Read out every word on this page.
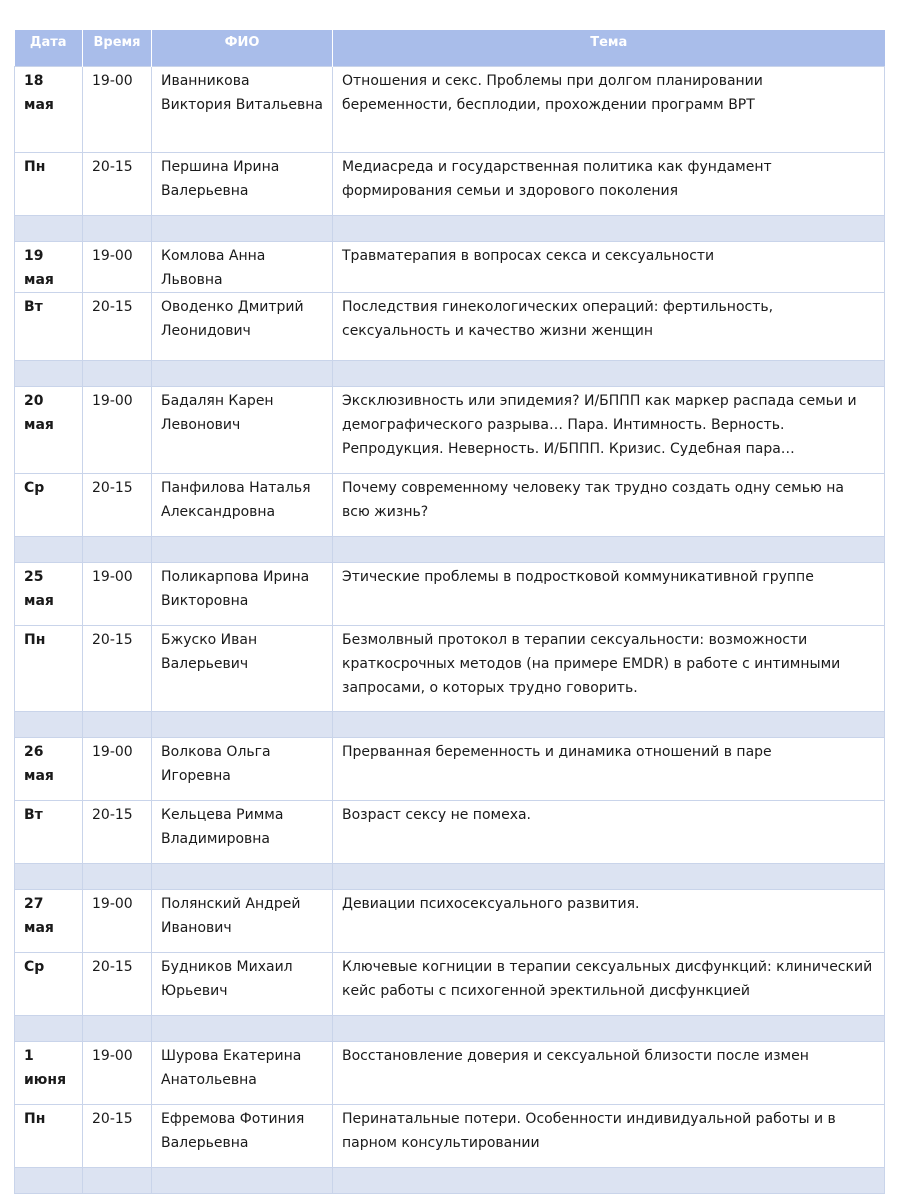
Дата	Время	ФИО	Тема
18 мая	19-00	Иванникова Виктория Витальевна	Отношения и секс. Проблемы при долгом планировании беременности, бесплодии, прохождении программ ВРТ
Пн	20-15	Першина Ирина Валерьевна	Медиасреда и государственная политика как фундамент формирования семьи и здорового поколения

19 мая	19-00	Комлова Анна Львовна	Травматерапия в вопросах секса и сексуальности
Вт	20-15	Оводенко Дмитрий Леонидович	Последствия гинекологических операций: фертильность, сексуальность и качество жизни женщин

20 мая	19-00	Бадалян Карен Левонович	Эксклюзивность или эпидемия? И/БППП как маркер распада семьи и демографического разрыва… Пара. Интимность. Верность. Репродукция. Неверность. И/БППП. Кризис. Судебная пара…
Ср	20-15	Панфилова Наталья Александровна	Почему современному человеку так трудно создать одну семью на всю жизнь?

25 мая	19-00	Поликарпова Ирина Викторовна	Этические проблемы в подростковой коммуникативной группе
Пн	20-15	Бжуско Иван Валерьевич	Безмолвный протокол в терапии сексуальности: возможности краткосрочных методов (на примере EMDR) в работе с интимными запросами, о которых трудно говорить.

26 мая	19-00	Волкова Ольга Игоревна	Прерванная беременность и динамика отношений в паре
Вт	20-15	Кельцева Римма Владимировна	Возраст сексу не помеха.

27 мая	19-00	Полянский Андрей Иванович	Девиации психосексуального развития.
Ср	20-15	Будников Михаил Юрьевич	Ключевые когниции в терапии сексуальных дисфункций: клинический кейс работы с психогенной эректильной дисфункцией

1 июня	19-00	Шурова Екатерина Анатольевна	Восстановление доверия и сексуальной близости после измен
Пн	20-15	Ефремова Фотиния Валерьевна	Перинатальные потери. Особенности индивидуальной работы и в парном консультировании
